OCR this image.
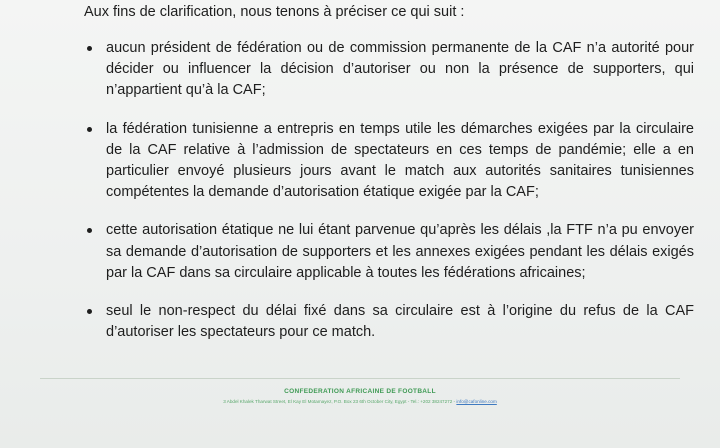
Aux fins de clarification, nous tenons à préciser ce qui suit :

aucun président de fédération ou de commission permanente de la CAF n’a autorité pour décider ou influencer la décision d’autoriser ou non la présence de supporters, qui n’appartient qu’à la CAF;
la fédération tunisienne a entrepris en temps utile les démarches exigées par la circulaire de la CAF relative à l’admission de spectateurs en ces temps de pandémie; elle a en particulier envoyé plusieurs jours avant le match aux autorités sanitaires tunisiennes compétentes la demande d’autorisation étatique exigée par la CAF;
cette autorisation étatique ne lui étant parvenue qu’après les délais ,la FTF n’a pu envoyer sa demande d’autorisation de supporters et les annexes exigées pendant les délais exigés par la CAF dans sa circulaire applicable à toutes les fédérations africaines;
seul le non-respect du délai fixé dans sa circulaire est à l’origine du refus de la CAF d’autoriser les spectateurs pour ce match.
CONFEDERATION AFRICAINE DE FOOTBALL
3 Abdel Khalek Tharwat Street, El Kay El Motamayez, P.O. Box 23 6th October City, Egypt - Tel.: +202 38247272 - info@cafonline.com
